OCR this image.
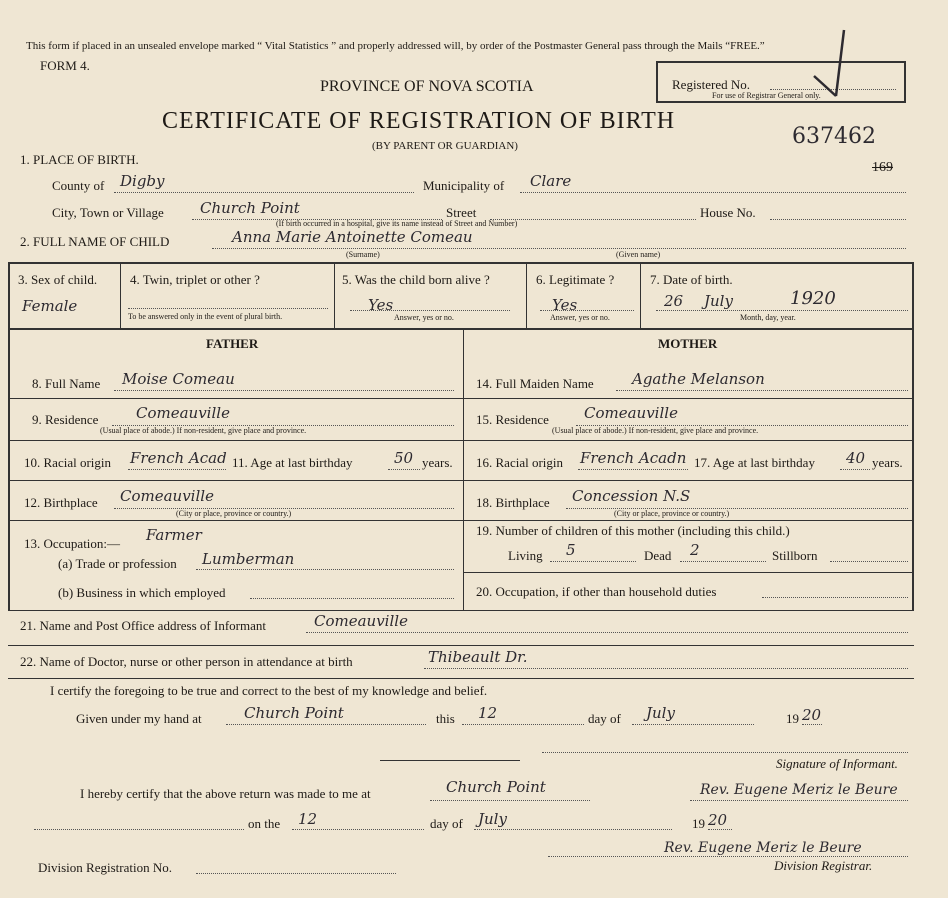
This form if placed in an unsealed envelope marked “ Vital Statistics ” and properly addressed will, by order of the Postmaster General pass through the Mails “FREE.”
FORM 4.
PROVINCE OF NOVA SCOTIA
CERTIFICATE OF REGISTRATION OF BIRTH
(BY PARENT OR GUARDIAN)
Registered No.
For use of Registrar General only.
637462
169
1. PLACE OF BIRTH.
County of Digby	Municipality of Clare
City, Town or Village Church Point	Street	House No.
(If birth occurred in a hospital, give its name instead of Street and Number)
2. FULL NAME OF CHILD	Anna Marie Antoinette Comeau
(Surname)	(Given name)
3. Sex of child.
Female
4. Twin, triplet or other ?
To be answered only in the event of plural birth.
5. Was the child born alive ?
Yes
Answer, yes or no.
6. Legitimate ?
Yes
Answer, yes or no.
7. Date of birth.
26 July	1920
Month, day, year.
FATHER	MOTHER
8. Full Name Moise Comeau
9. Residence	Comeauville
(Usual place of abode.) If non-resident, give place and province.
10. Racial origin French Acad 11. Age at last birthday	50 years.
12. Birthplace Comeauville
(City or place, province or country.)
13. Occupation:— Farmer
(a) Trade or profession Lumberman
(b) Business in which employed
14. Full Maiden Name	Agathe Melanson
15. Residence Comeauville
(Usual place of abode.) If non-resident, give place and province.
16. Racial origin French Acadn 17. Age at last birthday 40 years.
18. Birthplace Concession N.S
(City or place, province or country.)
19. Number of children of this mother (including this child.)
Living 5	Dead 2	Stillborn
20. Occupation, if other than household duties
21. Name and Post Office address of Informant	Comeauville
22. Name of Doctor, nurse or other person in attendance at birth	Thibeault Dr.
I certify the foregoing to be true and correct to the best of my knowledge and belief.
Given under my hand at	Church Point	this 12	day of July	19 20
Signature of Informant.
I hereby certify that the above return was made to me at	Church Point	Rev. Eugene Meriz le Beure
on the 12	day of July	19 20
Division Registration No.
Rev. Eugene Meriz le Beure
Division Registrar.
